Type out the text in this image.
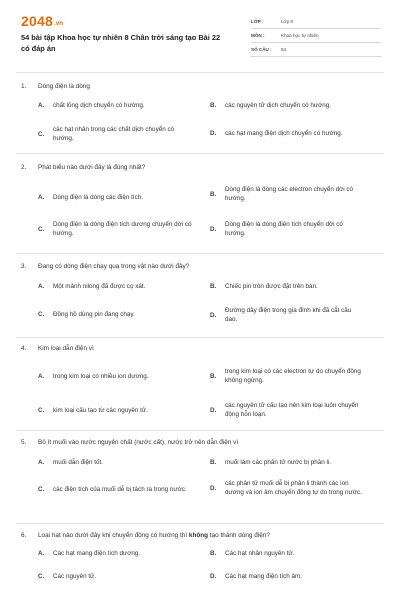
2048.vn
54 bài tập Khoa học tự nhiên 8 Chân trời sáng tạo Bài 22 có đáp án
LỚP :	Lớp 8
MÔN :	Khoa học tự nhiên
SỐ CÂU :	54
1.	Dòng điện là dòng
A.	chất lỏng dịch chuyển có hướng.	B.	các nguyên tử dịch chuyển có hướng.
C.
các hạt nhân trong các chất dịch chuyển có hướng.
D.	các hạt mang điện dịch chuyển có hướng.
2.	Phát biểu nào dưới đây là đúng nhất?
A.	Dòng điện là dòng các điện tích.	B.
Dòng điện là dòng các electron chuyển dời có hướng.
C.
Dòng điện là dòng điện tích dương chuyển dời có hướng.
D.
Dòng điện là dòng điện tích chuyển dời có hướng.
3.	Đang có dòng điện chạy qua trong vật nào dưới đây?
A.	Một mảnh nilong đã được cọ xát.	B.	Chiếc pin tròn được đặt trên bàn.
C.	Đồng hồ dùng pin đang chạy.	D.
Đường dây điện trong gia đình khi đã cắt cầu dao.
4.	Kim loại dẫn điện vì
A.	trong kim loại có nhiều ion dương.	B.
trong kim loại có các electron tự do chuyển động không ngừng.
C.	kim loại cấu tạo từ các nguyên tử.	D.
các nguyên tử cấu tạo nên kim loại luôn chuyển động hỗn loạn.
5.	Bỏ ít muối vào nước nguyên chất (nước cất), nước trở nên dẫn điện vì
A.	muối dẫn điện tốt.	B.	muối làm các phân tử nước bị phân li.
C.	các điện tích của muối dễ bị tách ra trong nước.	D.
các phân tử muối dễ bị phân li thành các ion dương và ion âm chuyển động tự do trong nước.
6.	Loại hạt nào dưới đây khi chuyển động có hướng thì không tạo thành dòng điện?
A.	Các hạt mang điện tích dương.	B.	Các hạt nhân nguyên tử.
C.	Các nguyên tử.	D.	Các hạt mang điện tích âm.
